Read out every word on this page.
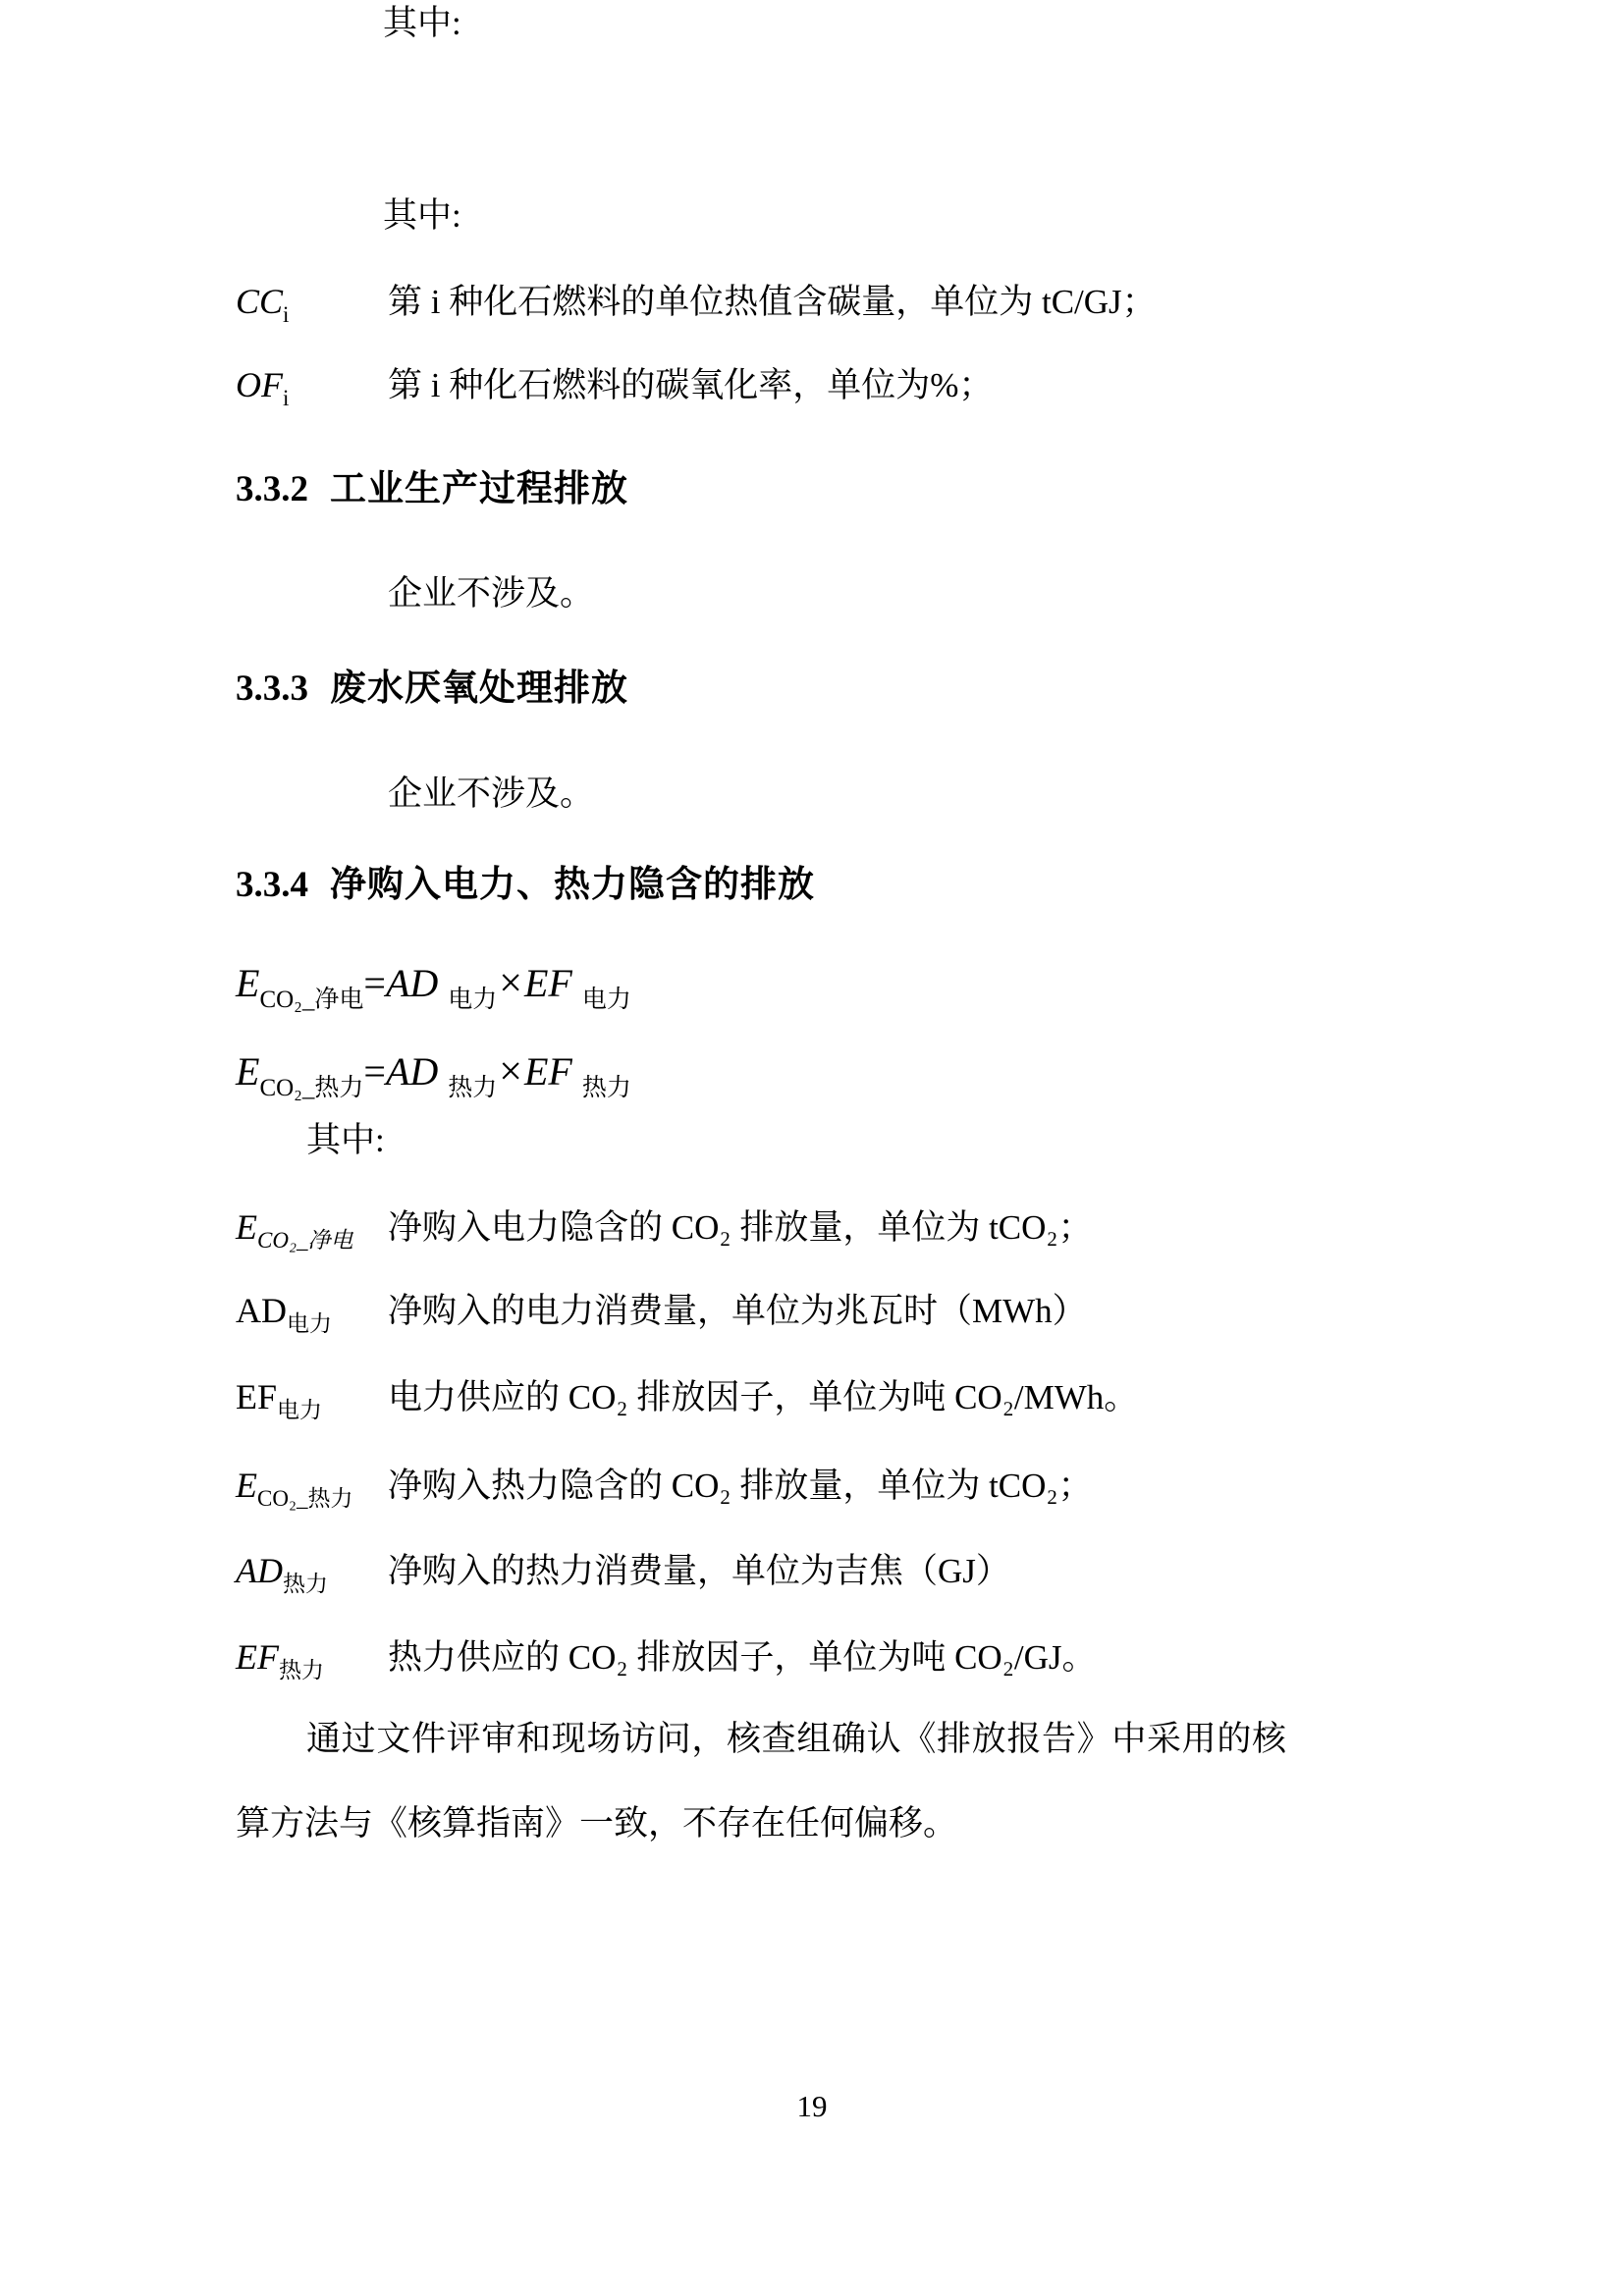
其中:
其中:
$CC_i$	第 i 种化石燃料的单位热值含碳量，单位为 tC/GJ；
$OF_i$	第 i 种化石燃料的碳氧化率，单位为%；
3.3.2 工业生产过程排放
企业不涉及。
3.3.3 废水厌氧处理排放
企业不涉及。
3.3.4 净购入电力、热力隐含的排放
$E_{CO_2\_净电}=AD$ $_{电力}$×EF $_{电力}$
$E_{CO_2\_热力}=AD$ $_{热力}$×EF $_{热力}$
其中:
$E_{CO_2\_净电}$ 净购入电力隐含的 CO₂ 排放量，单位为 tCO₂；
$AD_{电力}$ 净购入的电力消费量，单位为兆瓦时（MWh）
$EF_{电力}$ 电力供应的 CO₂ 排放因子，单位为吨 CO₂/MWh。
$E_{CO_2\_热力}$ 净购入热力隐含的 CO₂ 排放量，单位为 tCO₂；
$AD_{热力}$ 净购入的热力消费量，单位为吉焦（GJ）
$EF_{热力}$ 热力供应的 CO₂ 排放因子，单位为吨 CO₂/GJ。
通过文件评审和现场访问，核查组确认《排放报告》中采用的核算方法与《核算指南》一致，不存在任何偏移。
19
